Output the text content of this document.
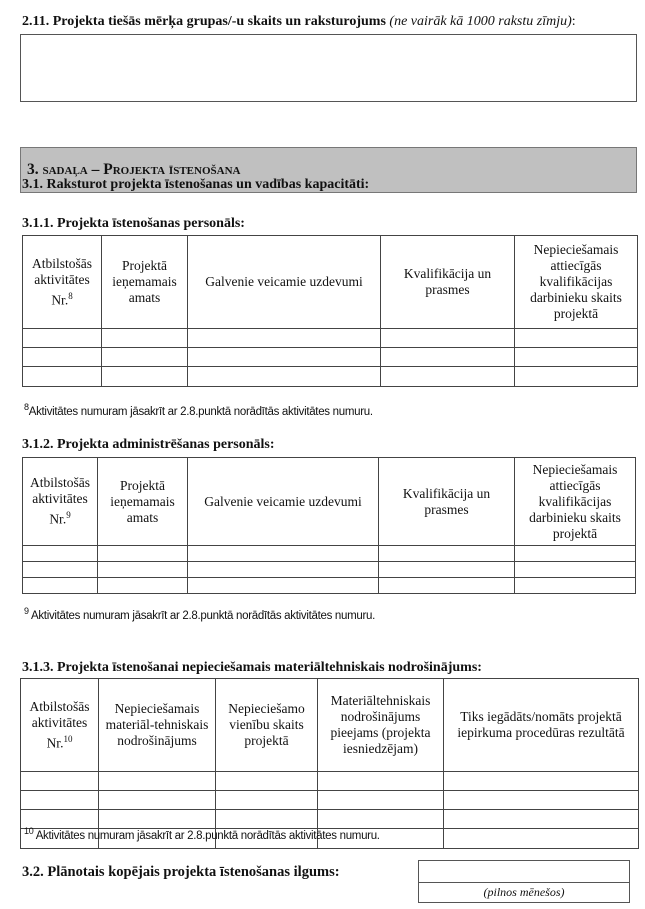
2.11. Projekta tiešās mērķa grupas/-u skaits un raksturojums (ne vairāk kā 1000 rakstu zīmju):
3. sadaļa – Projekta īstenošana
3.1. Raksturot projekta īstenošanas un vadības kapacitāti:
3.1.1. Projekta īstenošanas personāls:
Atbilstošās aktivitātes Nr.$^8$	Projektā ieņemamais amats	Galvenie veicamie uzdevumi	Kvalifikācija un prasmes	Nepieciešamais attiecīgās kvalifikācijas darbinieku skaits projektā

$^8$Aktivitātes numuram jāsakrīt ar 2.8.punktā norādītās aktivitātes numuru.
3.1.2. Projekta administrēšanas personāls:
Atbilstošās aktivitātes Nr.$^9$	Projektā ieņemamais amats	Galvenie veicamie uzdevumi	Kvalifikācija un prasmes	Nepieciešamais attiecīgās kvalifikācijas darbinieku skaits projektā

$^9$ Aktivitātes numuram jāsakrīt ar 2.8.punktā norādītās aktivitātes numuru.
3.1.3. Projekta īstenošanai nepieciešamais materiāltehniskais nodrošinājums:
Atbilstošās aktivitātes Nr.$^{10}$	Nepieciešamais materiāl-tehniskais nodrošinājums	Nepieciešamo vienību skaits projektā	Materiāltehniskais nodrošinājums pieejams (projekta iesniedzējam)	Tiks iegādāts/nomāts projektā iepirkuma procedūras rezultātā

$^{10}$ Aktivitātes numuram jāsakrīt ar 2.8.punktā norādītās aktivitātes numuru.
3.2. Plānotais kopējais projekta īstenošanas ilgums:
(pilnos mēnešos)
